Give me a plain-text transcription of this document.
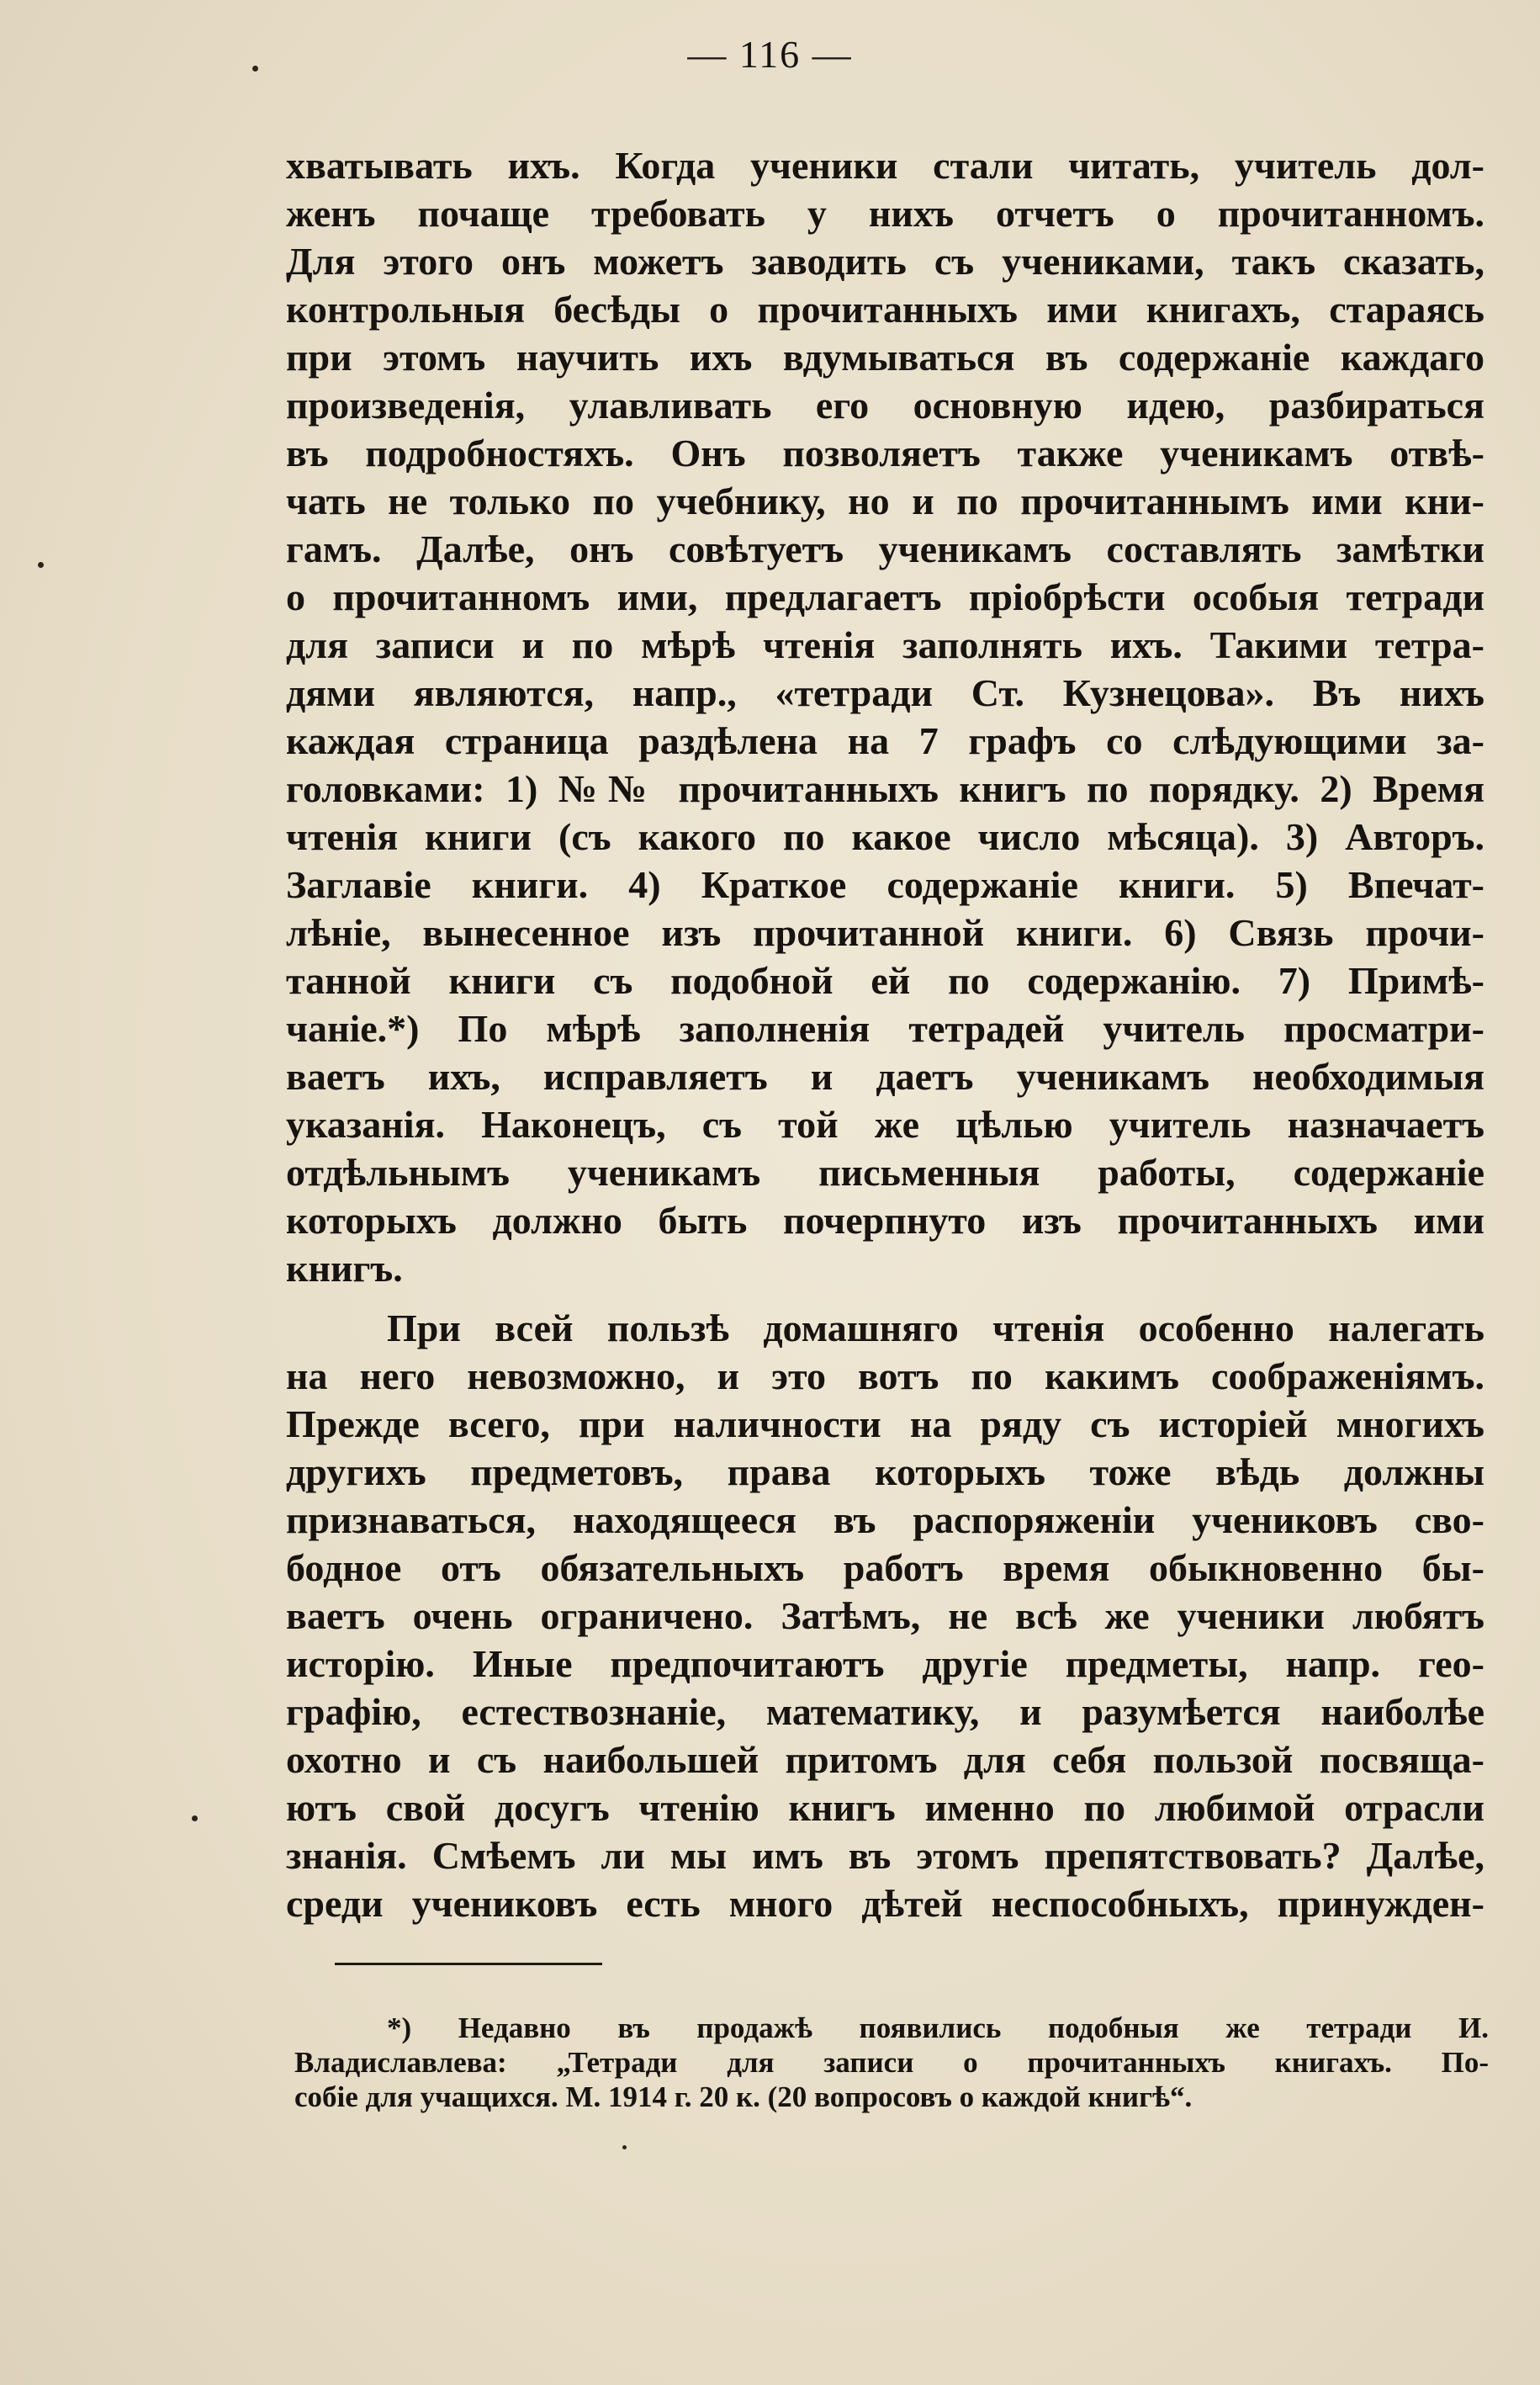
— 116 —
хватывать ихъ. Когда ученики стали читать, учитель дол-
женъ почаще требовать у нихъ отчетъ о прочитанномъ.
Для этого онъ можетъ заводить съ учениками, такъ сказать,
контрольныя бесѣды о прочитанныхъ ими книгахъ, стараясь
при этомъ научить ихъ вдумываться въ содержаніе каждаго
произведенія, улавливать его основную идею, разбираться
въ подробностяхъ. Онъ позволяетъ также ученикамъ отвѣ-
чать не только по учебнику, но и по прочитаннымъ ими кни-
гамъ. Далѣе, онъ совѣтуетъ ученикамъ составлять замѣтки
о прочитанномъ ими, предлагаетъ пріобрѣсти особыя тетради
для записи и по мѣрѣ чтенія заполнять ихъ. Такими тетра-
дями являются, напр., «тетради Ст. Кузнецова». Въ нихъ
каждая страница раздѣлена на 7 графъ со слѣдующими за-
головками: 1) №№ прочитанныхъ книгъ по порядку. 2) Время
чтенія книги (съ какого по какое число мѣсяца). 3) Авторъ.
Заглавіе книги. 4) Краткое содержаніе книги. 5) Впечат-
лѣніе, вынесенное изъ прочитанной книги. 6) Связь прочи-
танной книги съ подобной ей по содержанію. 7) Примѣ-
чаніе.*) По мѣрѣ заполненія тетрадей учитель просматри-
ваетъ ихъ, исправляетъ и даетъ ученикамъ необходимыя
указанія. Наконецъ, съ той же цѣлью учитель назначаетъ
отдѣльнымъ ученикамъ письменныя работы, содержаніе
которыхъ должно быть почерпнуто изъ прочитанныхъ ими
книгъ.
При всей пользѣ домашняго чтенія особенно налегать
на него невозможно, и это вотъ по какимъ соображеніямъ.
Прежде всего, при наличности на ряду съ исторіей многихъ
другихъ предметовъ, права которыхъ тоже вѣдь должны
признаваться, находящееся въ распоряженіи учениковъ сво-
бодное отъ обязательныхъ работъ время обыкновенно бы-
ваетъ очень ограничено. Затѣмъ, не всѣ же ученики любятъ
исторію. Иные предпочитаютъ другіе предметы, напр. гео-
графію, естествознаніе, математику, и разумѣется наиболѣе
охотно и съ наибольшей притомъ для себя пользой посвяща-
ютъ свой досугъ чтенію книгъ именно по любимой отрасли
знанія. Смѣемъ ли мы имъ въ этомъ препятствовать? Далѣе,
среди учениковъ есть много дѣтей неспособныхъ, принужден-
*) Недавно въ продажѣ появились подобныя же тетради И.
Владиславлева: „Тетради для записи о прочитанныхъ книгахъ. По-
собіе для учащихся. М. 1914 г. 20 к. (20 вопросовъ о каждой книгѣ“.
